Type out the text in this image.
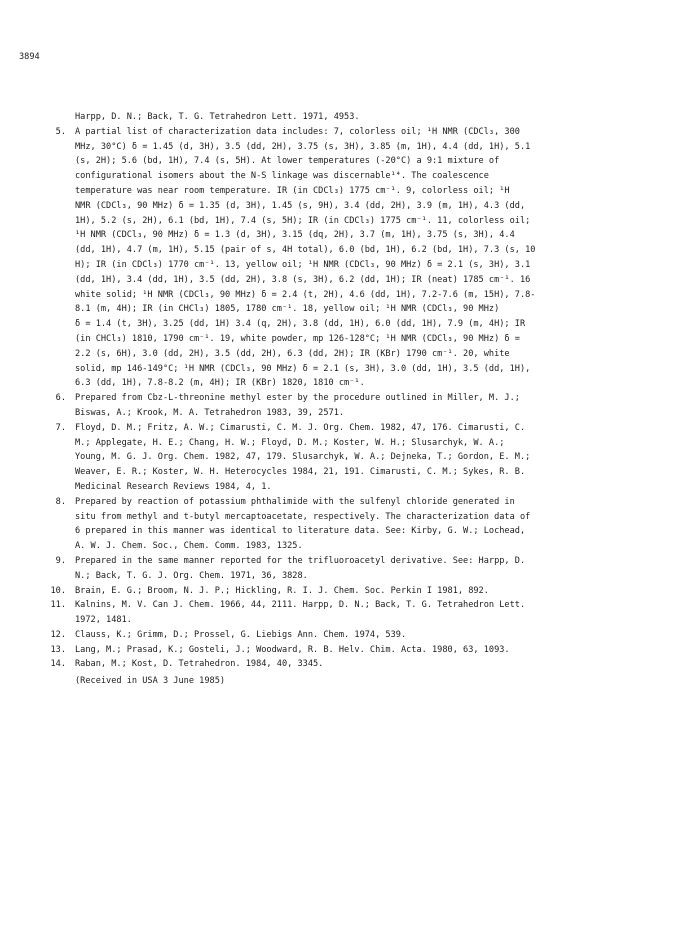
3894
Harpp, D. N.; Back, T. G. Tetrahedron Lett. 1971, 4953.
5. A partial list of characterization data includes: 7, colorless oil; ¹H NMR (CDCl₃, 300
MHz, 30°C) δ = 1.45 (d, 3H), 3.5 (dd, 2H), 3.75 (s, 3H), 3.85 (m, 1H), 4.4 (dd, 1H), 5.1
(s, 2H); 5.6 (bd, 1H), 7.4 (s, 5H). At lower temperatures (-20°C) a 9:1 mixture of
configurational isomers about the N-S linkage was discernable¹⁴. The coalescence
temperature was near room temperature. IR (in CDCl₃) 1775 cm⁻¹. 9, colorless oil; ¹H
NMR (CDCl₃, 90 MHz) δ = 1.35 (d, 3H), 1.45 (s, 9H), 3.4 (dd, 2H), 3.9 (m, 1H), 4.3 (dd,
1H), 5.2 (s, 2H), 6.1 (bd, 1H), 7.4 (s, 5H); IR (in CDCl₃) 1775 cm⁻¹. 11, colorless oil;
¹H NMR (CDCl₃, 90 MHz) δ = 1.3 (d, 3H), 3.15 (dq, 2H), 3.7 (m, 1H), 3.75 (s, 3H), 4.4
(dd, 1H), 4.7 (m, 1H), 5.15 (pair of s, 4H total), 6.0 (bd, 1H), 6.2 (bd, 1H), 7.3 (s, 10
H); IR (in CDCl₃) 1770 cm⁻¹. 13, yellow oil; ¹H NMR (CDCl₃, 90 MHz) δ = 2.1 (s, 3H), 3.1
(dd, 1H), 3.4 (dd, 1H), 3.5 (dd, 2H), 3.8 (s, 3H), 6.2 (dd, 1H); IR (neat) 1785 cm⁻¹. 16
white solid; ¹H NMR (CDCl₃, 90 MHz) δ = 2.4 (t, 2H), 4.6 (dd, 1H), 7.2-7.6 (m, 15H), 7.8-
8.1 (m, 4H); IR (in CHCl₃) 1805, 1780 cm⁻¹. 18, yellow oil; ¹H NMR (CDCl₃, 90 MHz)
δ = 1.4 (t, 3H), 3.25 (dd, 1H) 3.4 (q, 2H), 3.8 (dd, 1H), 6.0 (dd, 1H), 7.9 (m, 4H); IR
(in CHCl₃) 1810, 1790 cm⁻¹. 19, white powder, mp 126-128°C; ¹H NMR (CDCl₃, 90 MHz) δ =
2.2 (s, 6H), 3.0 (dd, 2H), 3.5 (dd, 2H), 6.3 (dd, 2H); IR (KBr) 1790 cm⁻¹. 20, white
solid, mp 146-149°C; ¹H NMR (CDCl₃, 90 MHz) δ = 2.1 (s, 3H), 3.0 (dd, 1H), 3.5 (dd, 1H),
6.3 (dd, 1H), 7.8-8.2 (m, 4H); IR (KBr) 1820, 1810 cm⁻¹.
6. Prepared from Cbz-L-threonine methyl ester by the procedure outlined in Miller, M. J.;
Biswas, A.; Krook, M. A. Tetrahedron 1983, 39, 2571.
7. Floyd, D. M.; Fritz, A. W.; Cimarusti, C. M. J. Org. Chem. 1982, 47, 176. Cimarusti, C.
M.; Applegate, H. E.; Chang, H. W.; Floyd, D. M.; Koster, W. H.; Slusarchyk, W. A.;
Young, M. G. J. Org. Chem. 1982, 47, 179. Slusarchyk, W. A.; Dejneka, T.; Gordon, E. M.;
Weaver, E. R.; Koster, W. H. Heterocycles 1984, 21, 191. Cimarusti, C. M.; Sykes, R. B.
Medicinal Research Reviews 1984, 4, 1.
8. Prepared by reaction of potassium phthalimide with the sulfenyl chloride generated in
situ from methyl and t-butyl mercaptoacetate, respectively. The characterization data of
6 prepared in this manner was identical to literature data. See: Kirby, G. W.; Lochead,
A. W. J. Chem. Soc., Chem. Comm. 1983, 1325.
9. Prepared in the same manner reported for the trifluoroacetyl derivative. See: Harpp, D.
N.; Back, T. G. J. Org. Chem. 1971, 36, 3828.
10. Brain, E. G.; Broom, N. J. P.; Hickling, R. I. J. Chem. Soc. Perkin I 1981, 892.
11. Kalnins, M. V. Can J. Chem. 1966, 44, 2111. Harpp, D. N.; Back, T. G. Tetrahedron Lett.
1972, 1481.
12. Clauss, K.; Grimm, D.; Prossel, G. Liebigs Ann. Chem. 1974, 539.
13. Lang, M.; Prasad, K.; Gosteli, J.; Woodward, R. B. Helv. Chim. Acta. 1980, 63, 1093.
14. Raban, M.; Kost, D. Tetrahedron. 1984, 40, 3345.
(Received in USA 3 June 1985)
